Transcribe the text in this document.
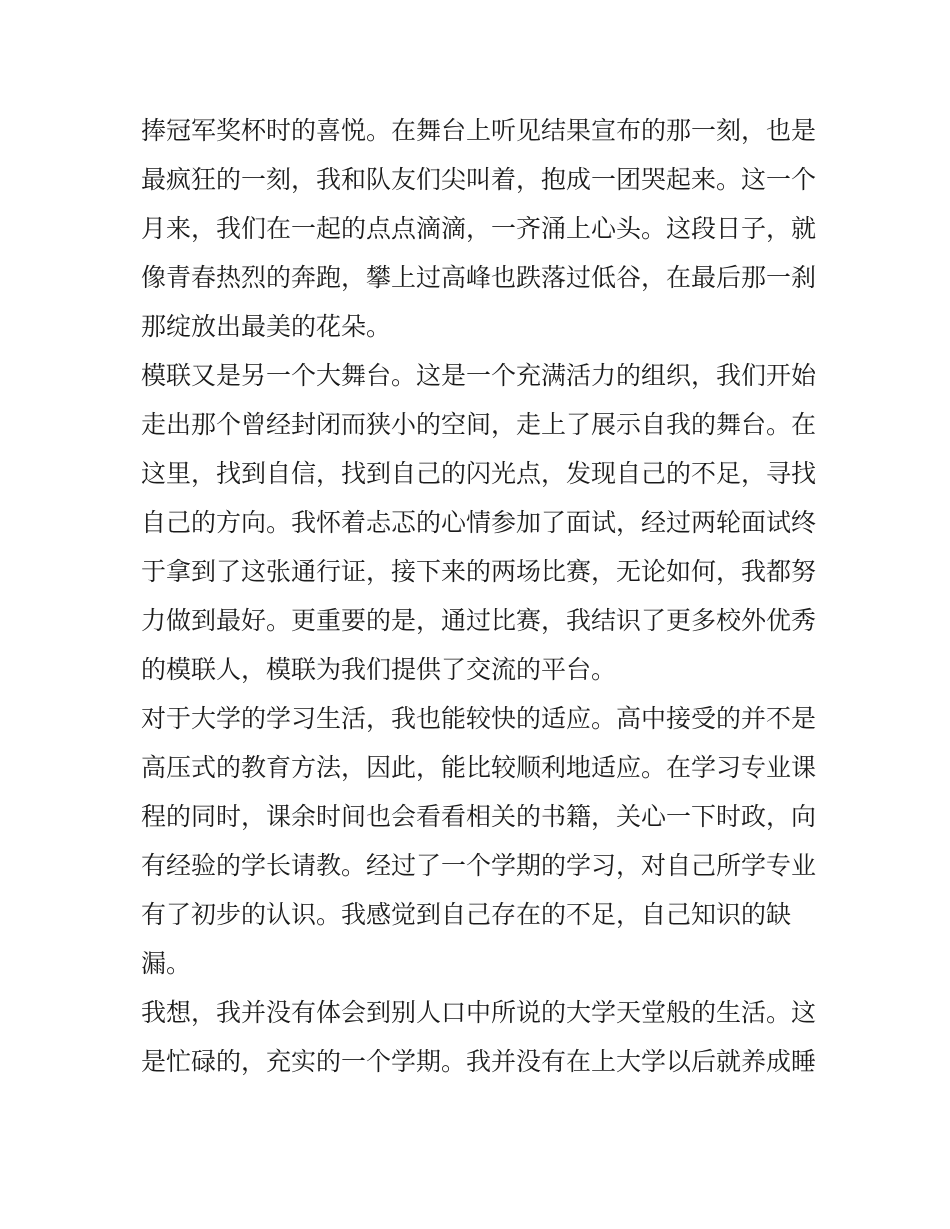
捧冠军奖杯时的喜悦。在舞台上听见结果宣布的那一刻，也是
最疯狂的一刻，我和队友们尖叫着，抱成一团哭起来。这一个
月来，我们在一起的点点滴滴，一齐涌上心头。这段日子，就
像青春热烈的奔跑，攀上过高峰也跌落过低谷，在最后那一刹
那绽放出最美的花朵。
模联又是另一个大舞台。这是一个充满活力的组织，我们开始
走出那个曾经封闭而狭小的空间，走上了展示自我的舞台。在
这里，找到自信，找到自己的闪光点，发现自己的不足，寻找
自己的方向。我怀着忐忑的心情参加了面试，经过两轮面试终
于拿到了这张通行证，接下来的两场比赛，无论如何，我都努
力做到最好。更重要的是，通过比赛，我结识了更多校外优秀
的模联人，模联为我们提供了交流的平台。
对于大学的学习生活，我也能较快的适应。高中接受的并不是
高压式的教育方法，因此，能比较顺利地适应。在学习专业课
程的同时，课余时间也会看看相关的书籍，关心一下时政，向
有经验的学长请教。经过了一个学期的学习，对自己所学专业
有了初步的认识。我感觉到自己存在的不足，自己知识的缺
漏。
我想，我并没有体会到别人口中所说的大学天堂般的生活。这
是忙碌的，充实的一个学期。我并没有在上大学以后就养成睡
